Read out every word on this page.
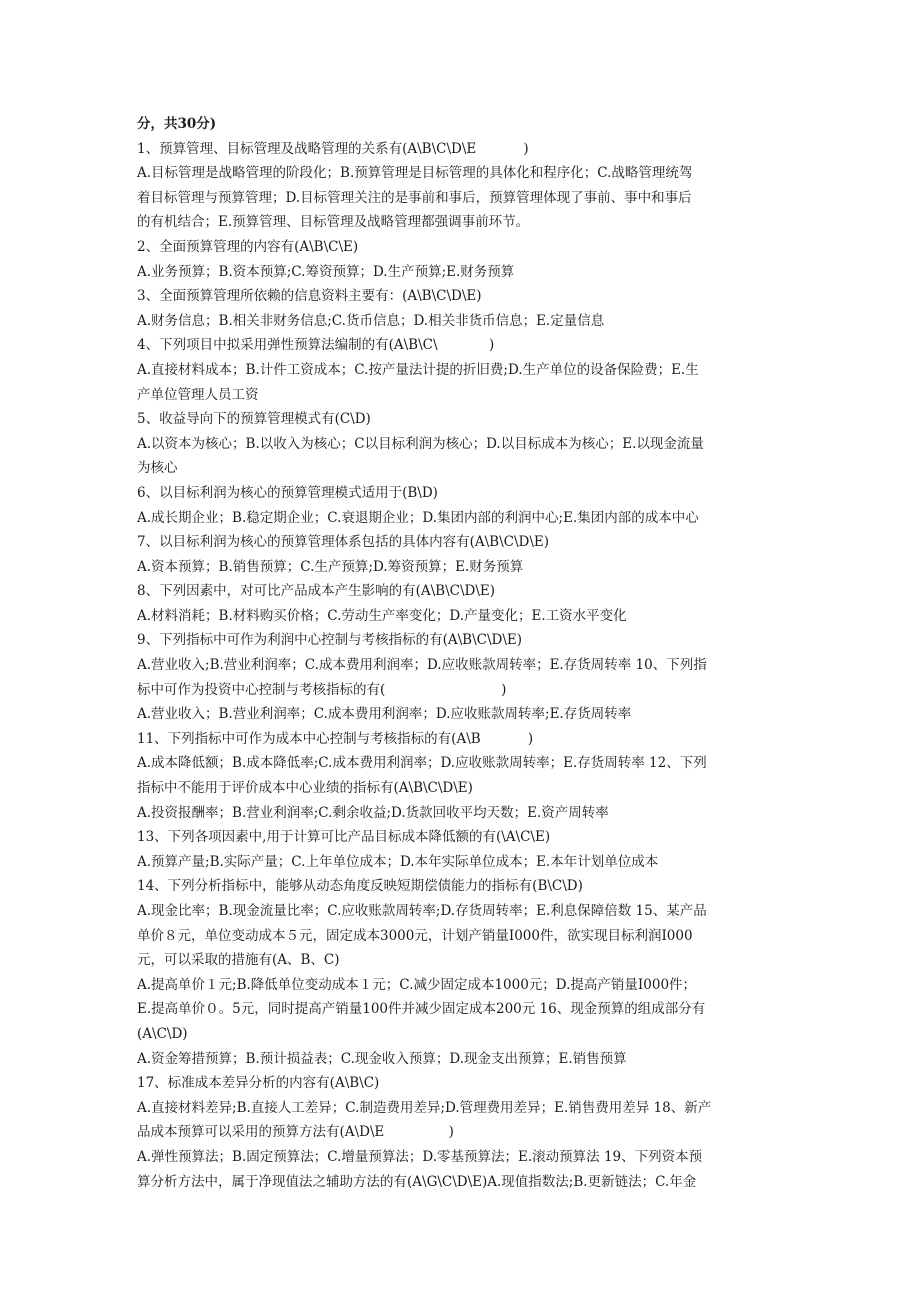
分，共30分)
1、预算管理、目标管理及战略管理的关系有(A\B\C\D\E           )
A.目标管理是战略管理的阶段化；B.预算管理是目标管理的具体化和程序化；C.战略管理统驾
着目标管理与预算管理；D.目标管理关注的是事前和事后，预算管理体现了事前、事中和事后
的有机结合；E.预算管理、目标管理及战略管理都强调事前环节。
2、全面预算管理的内容有(A\B\C\E)
A.业务预算；B.资本预算;C.筹资预算；D.生产预算;E.财务预算
3、全面预算管理所依赖的信息资料主要有：(A\B\C\D\E)
A.财务信息；B.相关非财务信息;C.货币信息；D.相关非货币信息；E.定量信息
4、下列项目中拟采用弹性预算法编制的有(A\B\C\            )
A.直接材料成本；B.计件工资成本；C.按产量法计提的折旧费;D.生产单位的设备保险费；E.生
产单位管理人员工资
5、收益导向下的预算管理模式有(C\D)
A.以资本为核心；B.以收入为核心；C以目标利润为核心；D.以目标成本为核心；E.以现金流量
为核心
6、以目标利润为核心的预算管理模式适用于(B\D)
A.成长期企业；B.稳定期企业；C.衰退期企业；D.集团内部的利润中心;E.集团内部的成本中心
7、以目标利润为核心的预算管理体系包括的具体内容有(A\B\C\D\E)
A.资本预算；B.销售预算；C.生产预算;D.筹资预算；E.财务预算
8、下列因素中，对可比产品成本产生影响的有(A\B\C\D\E)
A.材料消耗；B.材料购买价格；C.劳动生产率变化；D.产量变化；E.工资水平变化
9、下列指标中可作为利润中心控制与考核指标的有(A\B\C\D\E)
A.营业收入;B.营业利润率；C.成本费用利润率；D.应收账款周转率；E.存货周转率 10、下列指
标中可作为投资中心控制与考核指标的有(                           )
A.营业收入；B.营业利润率；C.成本费用利润率；D.应收账款周转率;E.存货周转率
11、下列指标中可作为成本中心控制与考核指标的有(A\B           )
A.成本降低额；B.成本降低率;C.成本费用利润率；D.应收账款周转率；E.存货周转率 12、下列
指标中不能用于评价成本中心业绩的指标有(A\B\C\D\E)
A.投资报酬率；B.营业利润率;C.剩余收益;D.货款回收平均天数；E.资产周转率
13、下列各项因素中,用于计算可比产品目标成本降低额的有(\A\C\E)
A.预算产量;B.实际产量；C.上年单位成本；D.本年实际单位成本；E.本年计划单位成本
14、下列分析指标中，能够从动态角度反映短期偿债能力的指标有(B\C\D)
A.现金比率；B.现金流量比率；C.应收账款周转率;D.存货周转率；E.利息保障倍数 15、某产品
单价８元，单位变动成本５元，固定成本3000元，计划产销量I000件，欲实现目标利润I000
元，可以采取的措施有(A、B、C)
A.提高单价１元;B.降低单位变动成本１元；C.减少固定成本1000元；D.提高产销量I000件；
E.提高单价０。5元，同时提高产销量100件并减少固定成本200元 16、现金预算的组成部分有
(A\C\D)
A.资金筹措预算；B.预计损益表；C.现金收入预算；D.现金支出预算；E.销售预算
17、标准成本差异分析的内容有(A\B\C)
A.直接材料差异;B.直接人工差异；C.制造费用差异;D.管理费用差异；E.销售费用差异 18、新产
品成本预算可以采用的预算方法有(A\D\E               )
A.弹性预算法；B.固定预算法；C.增量预算法；D.零基预算法；E.滚动预算法 19、下列资本预
算分析方法中，属于净现值法之辅助方法的有(A\G\C\D\E)A.现值指数法;B.更新链法；C.年金
